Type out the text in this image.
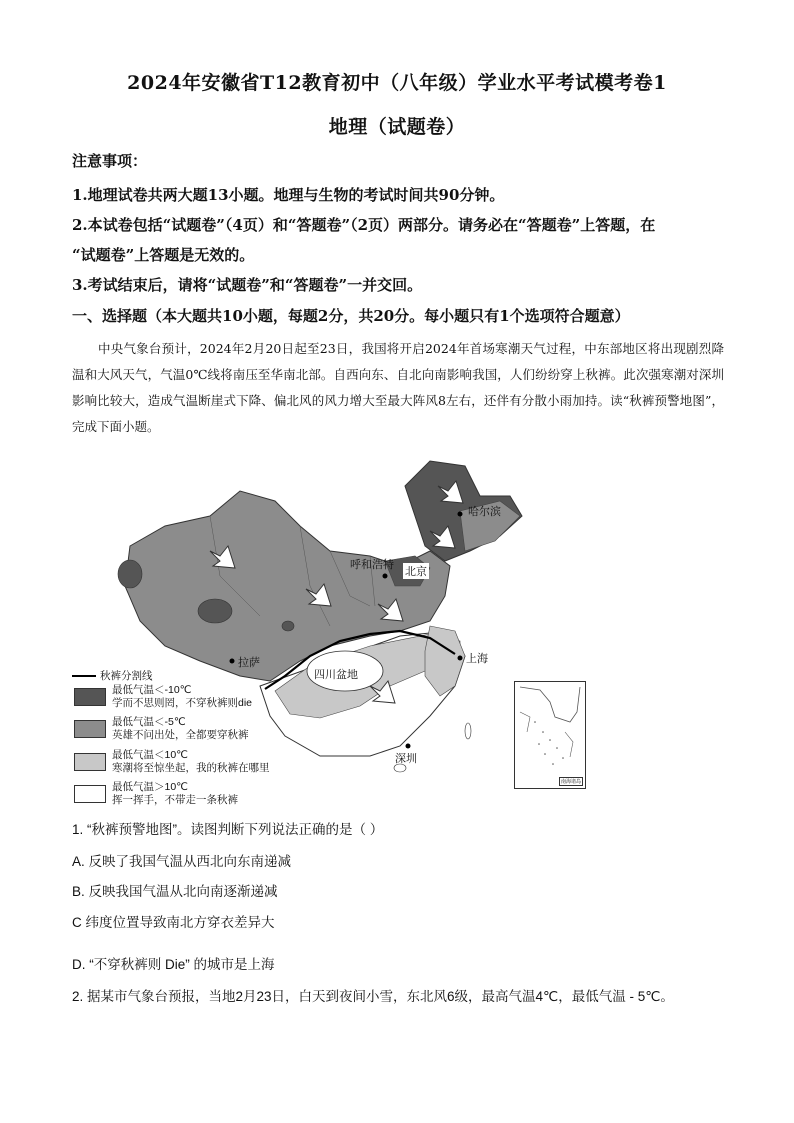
2024年安徽省T12教育初中（八年级）学业水平考试模考卷1
地理（试题卷）
注意事项：
1.地理试卷共两大题13小题。地理与生物的考试时间共90分钟。
2.本试卷包括“试题卷”（4页）和“答题卷”（2页）两部分。请务必在“答题卷”上答题，在
“试题卷”上答题是无效的。
3.考试结束后，请将“试题卷”和“答题卷”一并交回。
一、选择题（本大题共10小题，每题2分，共20分。每小题只有1个选项符合题意）
中央气象台预计，2024年2月20日起至23日，我国将开启2024年首场寒潮天气过程，中东部地区将出现剧烈降温和大风天气，气温0℃线将南压至华南北部。自西向东、自北向南影响我国，人们纷纷穿上秋裤。此次强寒潮对深圳影响比较大，造成气温断崖式下降、偏北风的风力增大至最大阵风8左右，还伴有分散小雨加持。读“秋裤预警地图”，完成下面小题。
哈尔滨
呼和浩特
北京
拉萨	上海
四川盆地
深圳
秋裤分割线
最低气温＜-10℃
学而不思则罔，不穿秋裤则die
最低气温＜-5℃
英雄不问出处，全都要穿秋裤
最低气温＜10℃
寒潮将至惊坐起，我的秋裤在哪里
最低气温＞10℃
挥一挥手，不带走一条秋裤
南海诸岛
1. “秋裤预警地图”。读图判断下列说法正确的是（ ）
A. 反映了我国气温从西北向东南递减
B. 反映我国气温从北向南逐渐递减
C 纬度位置导致南北方穿衣差异大
D. “不穿秋裤则 Die” 的城市是上海
2. 据某市气象台预报，当地2月23日，白天到夜间小雪，东北风6级，最高气温4℃，最低气温 - 5℃。
